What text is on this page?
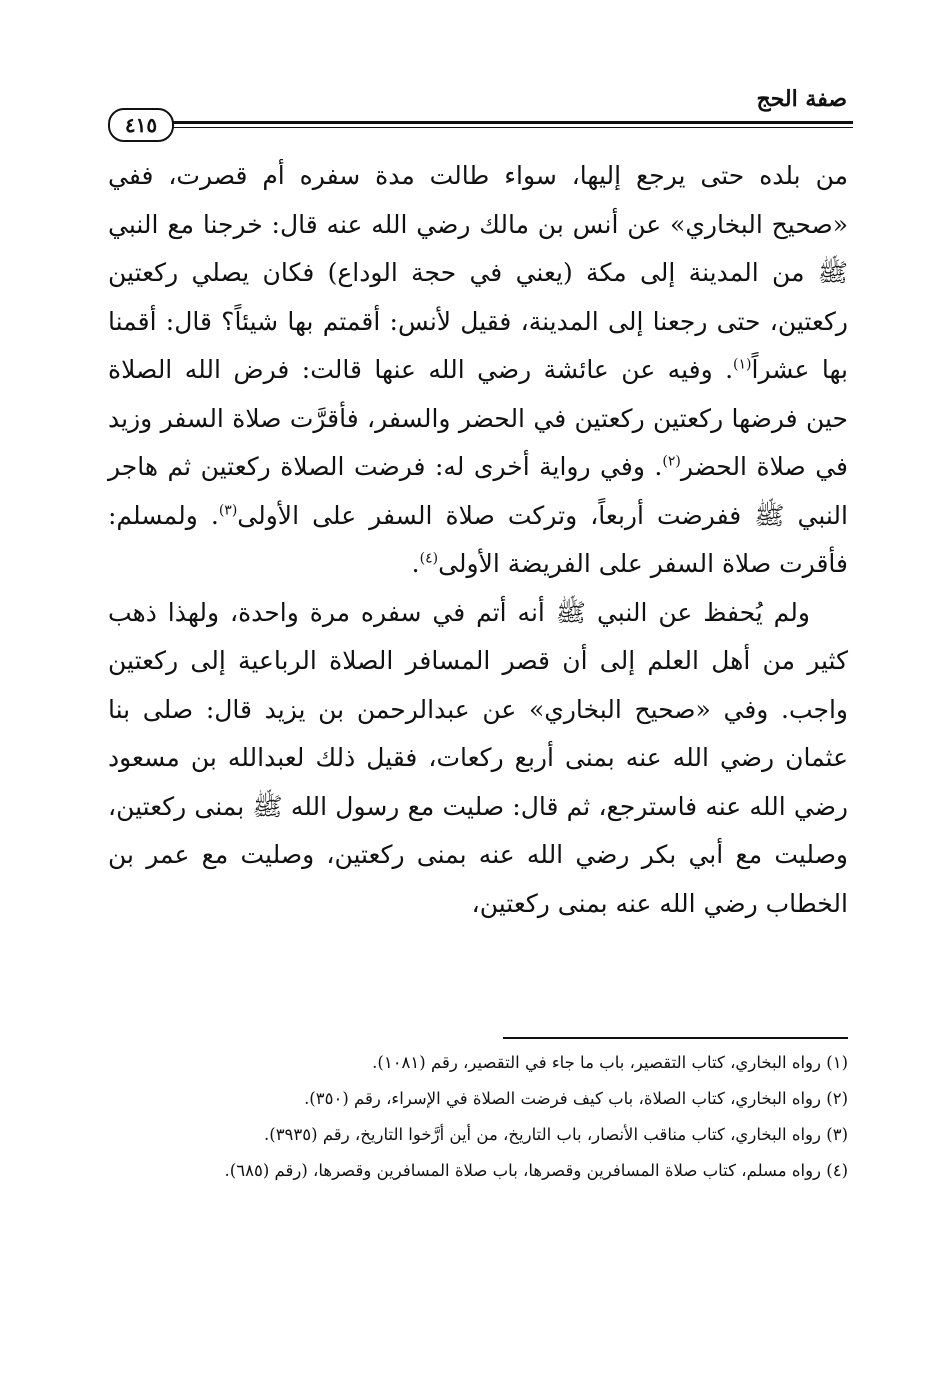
صفة الحج
٤١٥

من بلده حتى يرجع إليها، سواء طالت مدة سفره أم قصرت، ففي «صحيح البخاري» عن أنس بن مالك رضي الله عنه قال: خرجنا مع النبي ﷺ من المدينة إلى مكة (يعني في حجة الوداع) فكان يصلي ركعتين ركعتين، حتى رجعنا إلى المدينة، فقيل لأنس: أقمتم بها شيئاً؟ قال: أقمنا بها عشراً$^{(١)}$. وفيه عن عائشة رضي الله عنها قالت: فرض الله الصلاة حين فرضها ركعتين ركعتين في الحضر والسفر، فأقرَّت صلاة السفر وزيد في صلاة الحضر$^{(٢)}$. وفي رواية أخرى له: فرضت الصلاة ركعتين ثم هاجر النبي ﷺ ففرضت أربعاً، وتركت صلاة السفر على الأولى$^{(٣)}$. ولمسلم: فأقرت صلاة السفر على الفريضة الأولى$^{(٤)}$.

ولم يُحفظ عن النبي ﷺ أنه أتم في سفره مرة واحدة، ولهذا ذهب كثير من أهل العلم إلى أن قصر المسافر الصلاة الرباعية إلى ركعتين واجب. وفي «صحيح البخاري» عن عبدالرحمن بن يزيد قال: صلى بنا عثمان رضي الله عنه بمنى أربع ركعات، فقيل ذلك لعبدالله بن مسعود رضي الله عنه فاسترجع، ثم قال: صليت مع رسول الله ﷺ بمنى ركعتين، وصليت مع أبي بكر رضي الله عنه بمنى ركعتين، وصليت مع عمر بن الخطاب رضي الله عنه بمنى ركعتين،

(١) رواه البخاري، كتاب التقصير، باب ما جاء في التقصير، رقم (١٠٨١).

(٢) رواه البخاري، كتاب الصلاة، باب كيف فرضت الصلاة في الإسراء، رقم (٣٥٠).

(٣) رواه البخاري، كتاب مناقب الأنصار، باب التاريخ، من أين أرَّخوا التاريخ، رقم (٣٩٣٥).

(٤) رواه مسلم، كتاب صلاة المسافرين وقصرها، باب صلاة المسافرين وقصرها، (رقم (٦٨٥).
